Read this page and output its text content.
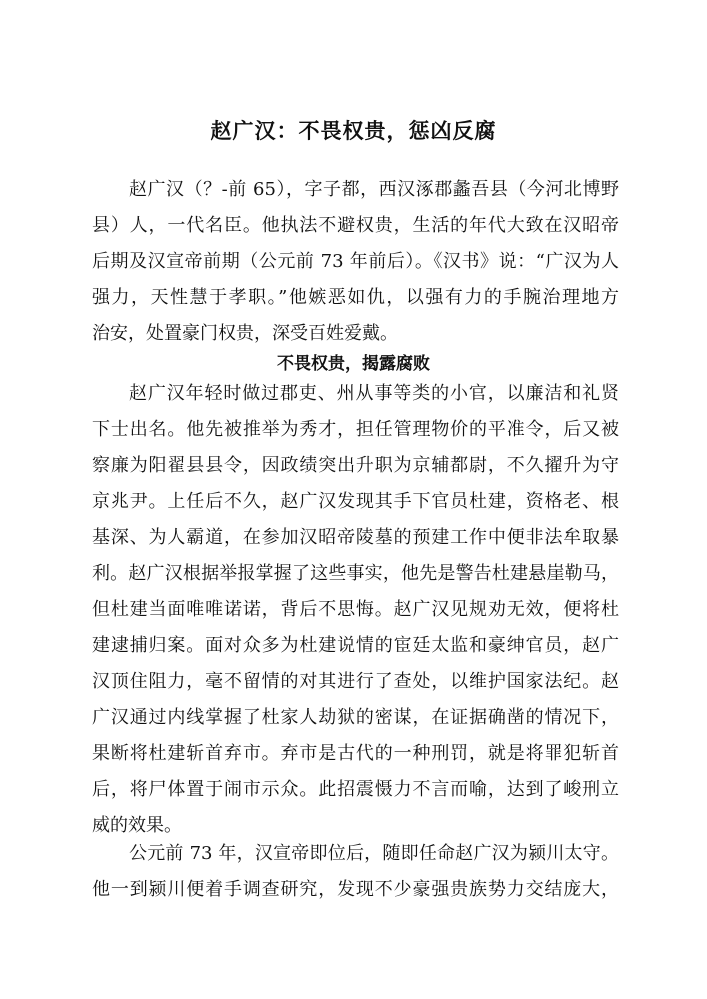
赵广汉：不畏权贵，惩凶反腐
赵广汉（？-前 65），字子都，西汉涿郡蠡吾县（今河北博野
县）人，一代名臣。他执法不避权贵，生活的年代大致在汉昭帝
后期及汉宣帝前期（公元前 73 年前后）。《汉书》说：“广汉为人
强力，天性慧于孝职。”他嫉恶如仇，以强有力的手腕治理地方
治安，处置豪门权贵，深受百姓爱戴。
不畏权贵，揭露腐败
赵广汉年轻时做过郡吏、州从事等类的小官，以廉洁和礼贤
下士出名。他先被推举为秀才，担任管理物价的平准令，后又被
察廉为阳翟县县令，因政绩突出升职为京辅都尉，不久擢升为守
京兆尹。上任后不久，赵广汉发现其手下官员杜建，资格老、根
基深、为人霸道，在参加汉昭帝陵墓的预建工作中便非法牟取暴
利。赵广汉根据举报掌握了这些事实，他先是警告杜建悬崖勒马，
但杜建当面唯唯诺诺，背后不思悔。赵广汉见规劝无效，便将杜
建逮捕归案。面对众多为杜建说情的宦廷太监和豪绅官员，赵广
汉顶住阻力，毫不留情的对其进行了查处，以维护国家法纪。赵
广汉通过内线掌握了杜家人劫狱的密谋，在证据确凿的情况下，
果断将杜建斩首弃市。弃市是古代的一种刑罚，就是将罪犯斩首
后，将尸体置于闹市示众。此招震慑力不言而喻，达到了峻刑立
威的效果。
公元前 73 年，汉宣帝即位后，随即任命赵广汉为颍川太守。
他一到颍川便着手调查研究，发现不少豪强贵族势力交结庞大，
